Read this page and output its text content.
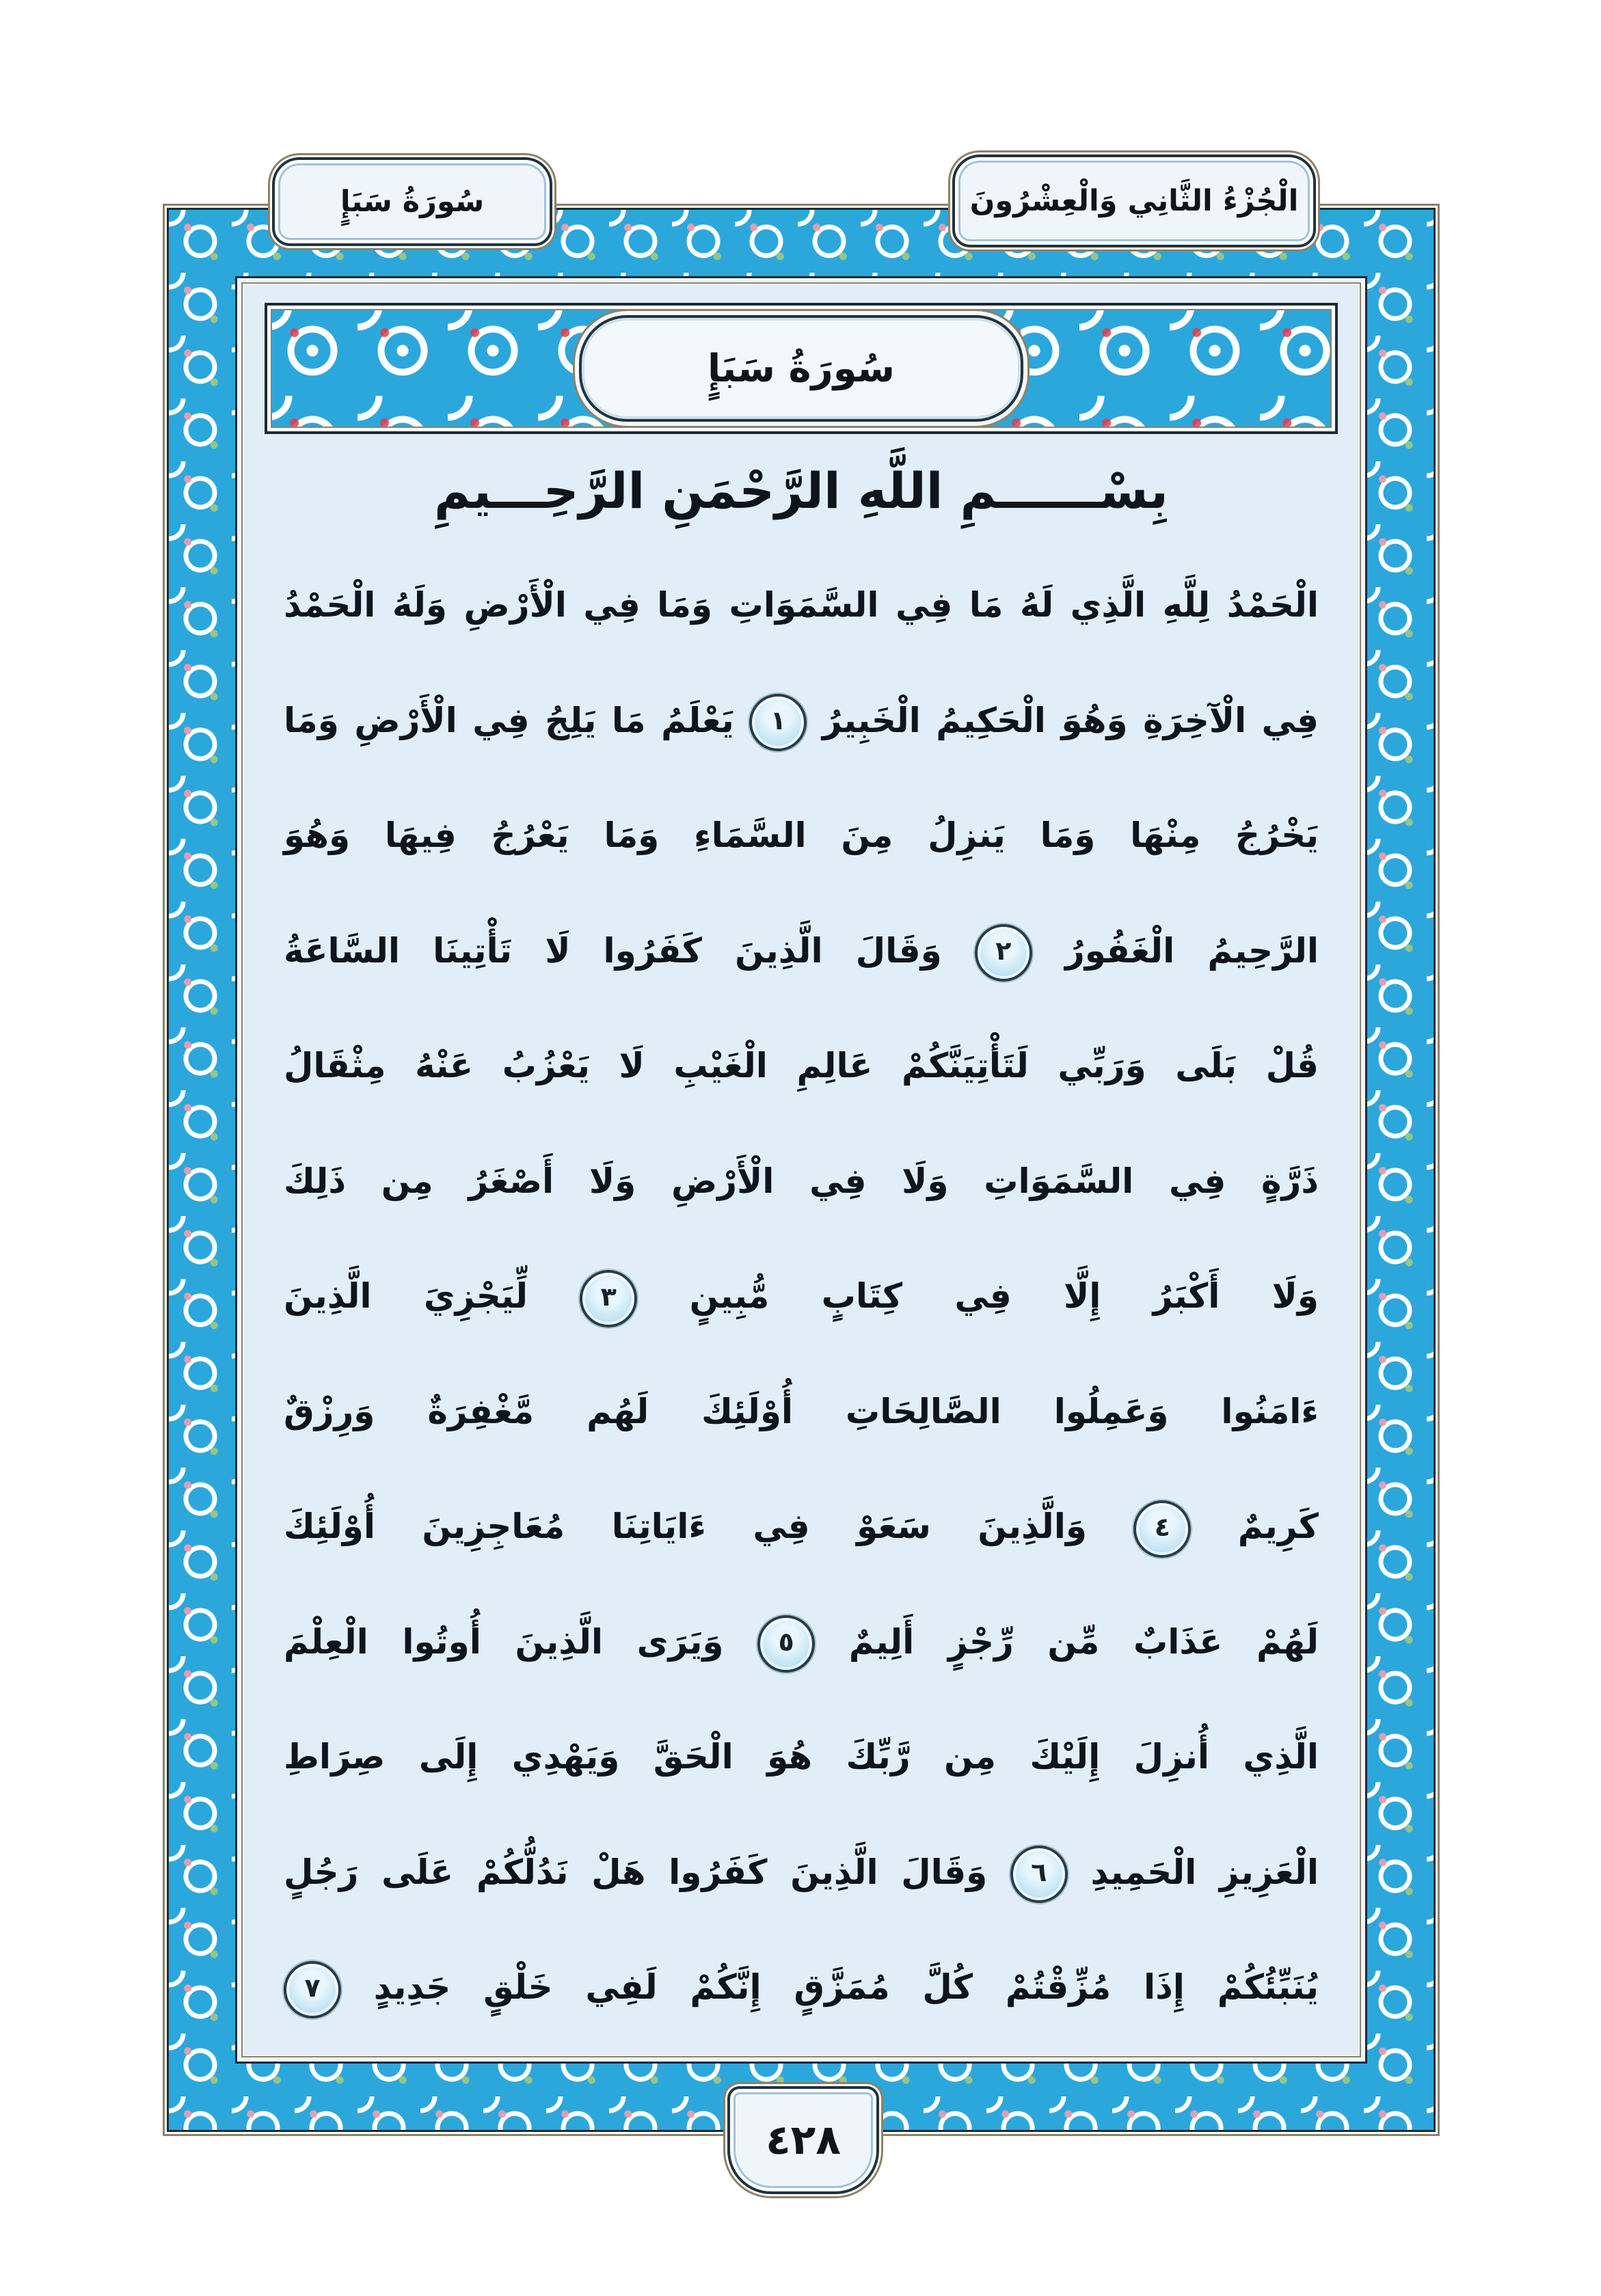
سُورَةُ سَبَإٍ	الْجُزْءُ الثَّانِي وَالْعِشْرُونَ
سُورَةُ سَبَإٍ
بِسْــــــمِ اللَّهِ الرَّحْمَنِ الرَّحِـــيمِ
الْحَمْدُ لِلَّهِ الَّذِي لَهُ مَا فِي السَّمَوَاتِ وَمَا فِي الْأَرْضِ وَلَهُ الْحَمْدُ
فِي الْآخِرَةِ وَهُوَ الْحَكِيمُ الْخَبِيرُ ١ يَعْلَمُ مَا يَلِجُ فِي الْأَرْضِ وَمَا
يَخْرُجُ مِنْهَا وَمَا يَنزِلُ مِنَ السَّمَاءِ وَمَا يَعْرُجُ فِيهَا وَهُوَ
الرَّحِيمُ الْغَفُورُ ٢ وَقَالَ الَّذِينَ كَفَرُوا لَا تَأْتِينَا السَّاعَةُ
قُلْ بَلَى وَرَبِّي لَتَأْتِيَنَّكُمْ عَالِمِ الْغَيْبِ لَا يَعْزُبُ عَنْهُ مِثْقَالُ
ذَرَّةٍ فِي السَّمَوَاتِ وَلَا فِي الْأَرْضِ وَلَا أَصْغَرُ مِن ذَلِكَ
وَلَا أَكْبَرُ إِلَّا فِي كِتَابٍ مُّبِينٍ ٣ لِّيَجْزِيَ الَّذِينَ
ءَامَنُوا وَعَمِلُوا الصَّالِحَاتِ أُوْلَئِكَ لَهُم مَّغْفِرَةٌ وَرِزْقٌ
كَرِيمٌ ٤ وَالَّذِينَ سَعَوْ فِي ءَايَاتِنَا مُعَاجِزِينَ أُوْلَئِكَ
لَهُمْ عَذَابٌ مِّن رِّجْزٍ أَلِيمٌ ٥ وَيَرَى الَّذِينَ أُوتُوا الْعِلْمَ
الَّذِي أُنزِلَ إِلَيْكَ مِن رَّبِّكَ هُوَ الْحَقَّ وَيَهْدِي إِلَى صِرَاطِ
الْعَزِيزِ الْحَمِيدِ ٦ وَقَالَ الَّذِينَ كَفَرُوا هَلْ نَدُلُّكُمْ عَلَى رَجُلٍ
يُنَبِّئُكُمْ إِذَا مُزِّقْتُمْ كُلَّ مُمَزَّقٍ إِنَّكُمْ لَفِي خَلْقٍ جَدِيدٍ ٧
٤٢٨
